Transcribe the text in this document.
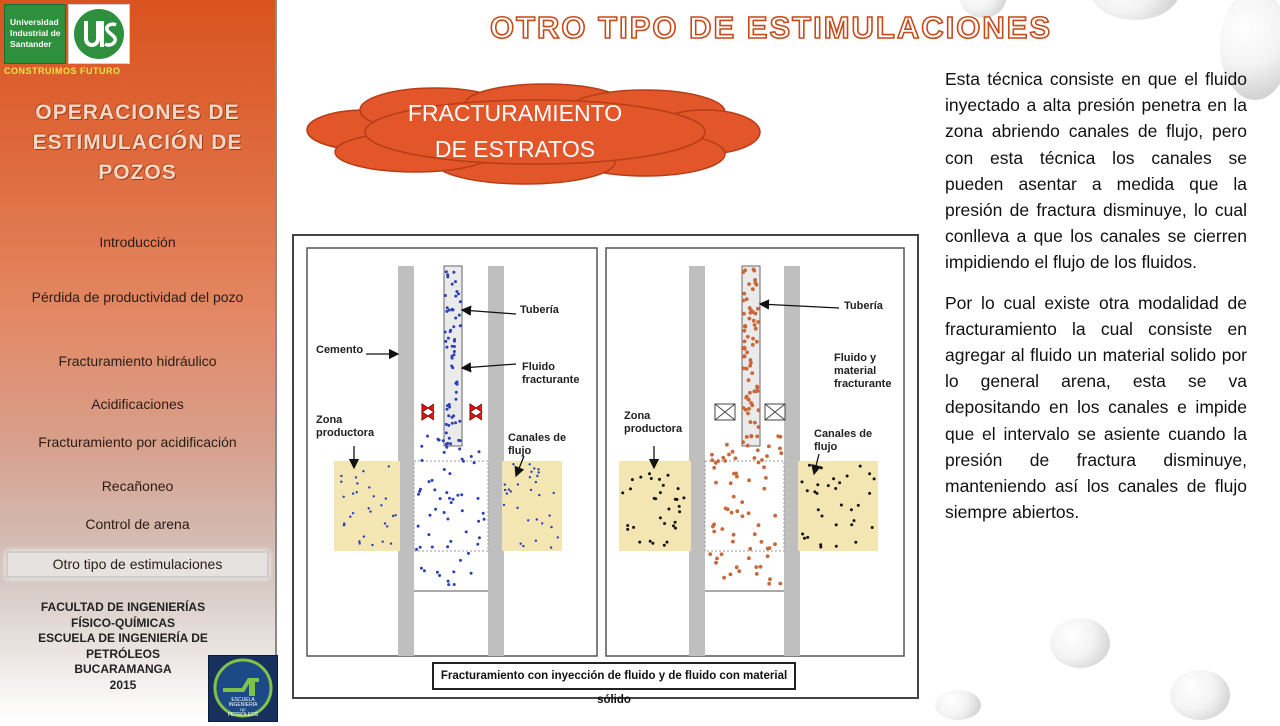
Universidad
Industrial de
Santander
CONSTRUIMOS FUTURO
OPERACIONES DE
ESTIMULACIÓN DE
POZOS
Introducción
Pérdida de productividad del pozo
Fracturamiento hidráulico
Acidificaciones
Fracturamiento por acidificación
Recañoneo
Control de arena
Otro tipo de estimulaciones
FACULTAD DE INGENIERÍAS
FÍSICO-QUÍMICAS
ESCUELA DE INGENIERÍA DE
PETRÓLEOS
BUCARAMANGA
2015
ESCUELA
INGENIERÍA
DE
PETRÓLEOS
OTRO TIPO DE ESTIMULACIONES
FRACTURAMIENTO
DE ESTRATOS
Tubería
Cemento
Fluido
fracturante
Zona
productora	Canales de
flujo
Tubería
Fluido y
material
fracturante
Zona
productora	Canales de
flujo
Fracturamiento con inyección de fluido y de fluido con material sólido

Esta técnica consiste en que el fluido inyectado a alta presión penetra en la zona abriendo canales de flujo, pero con esta técnica los canales se pueden asentar a medida que la presión de fractura disminuye, lo cual conlleva a que los canales se cierren impidiendo el flujo de los fluidos.

Por lo cual existe otra modalidad de fracturamiento la cual consiste en agregar al fluido un material solido por lo general arena, esta se va depositando en los canales e impide que el intervalo se asiente cuando la presión de fractura disminuye, manteniendo así los canales de flujo siempre abiertos.
